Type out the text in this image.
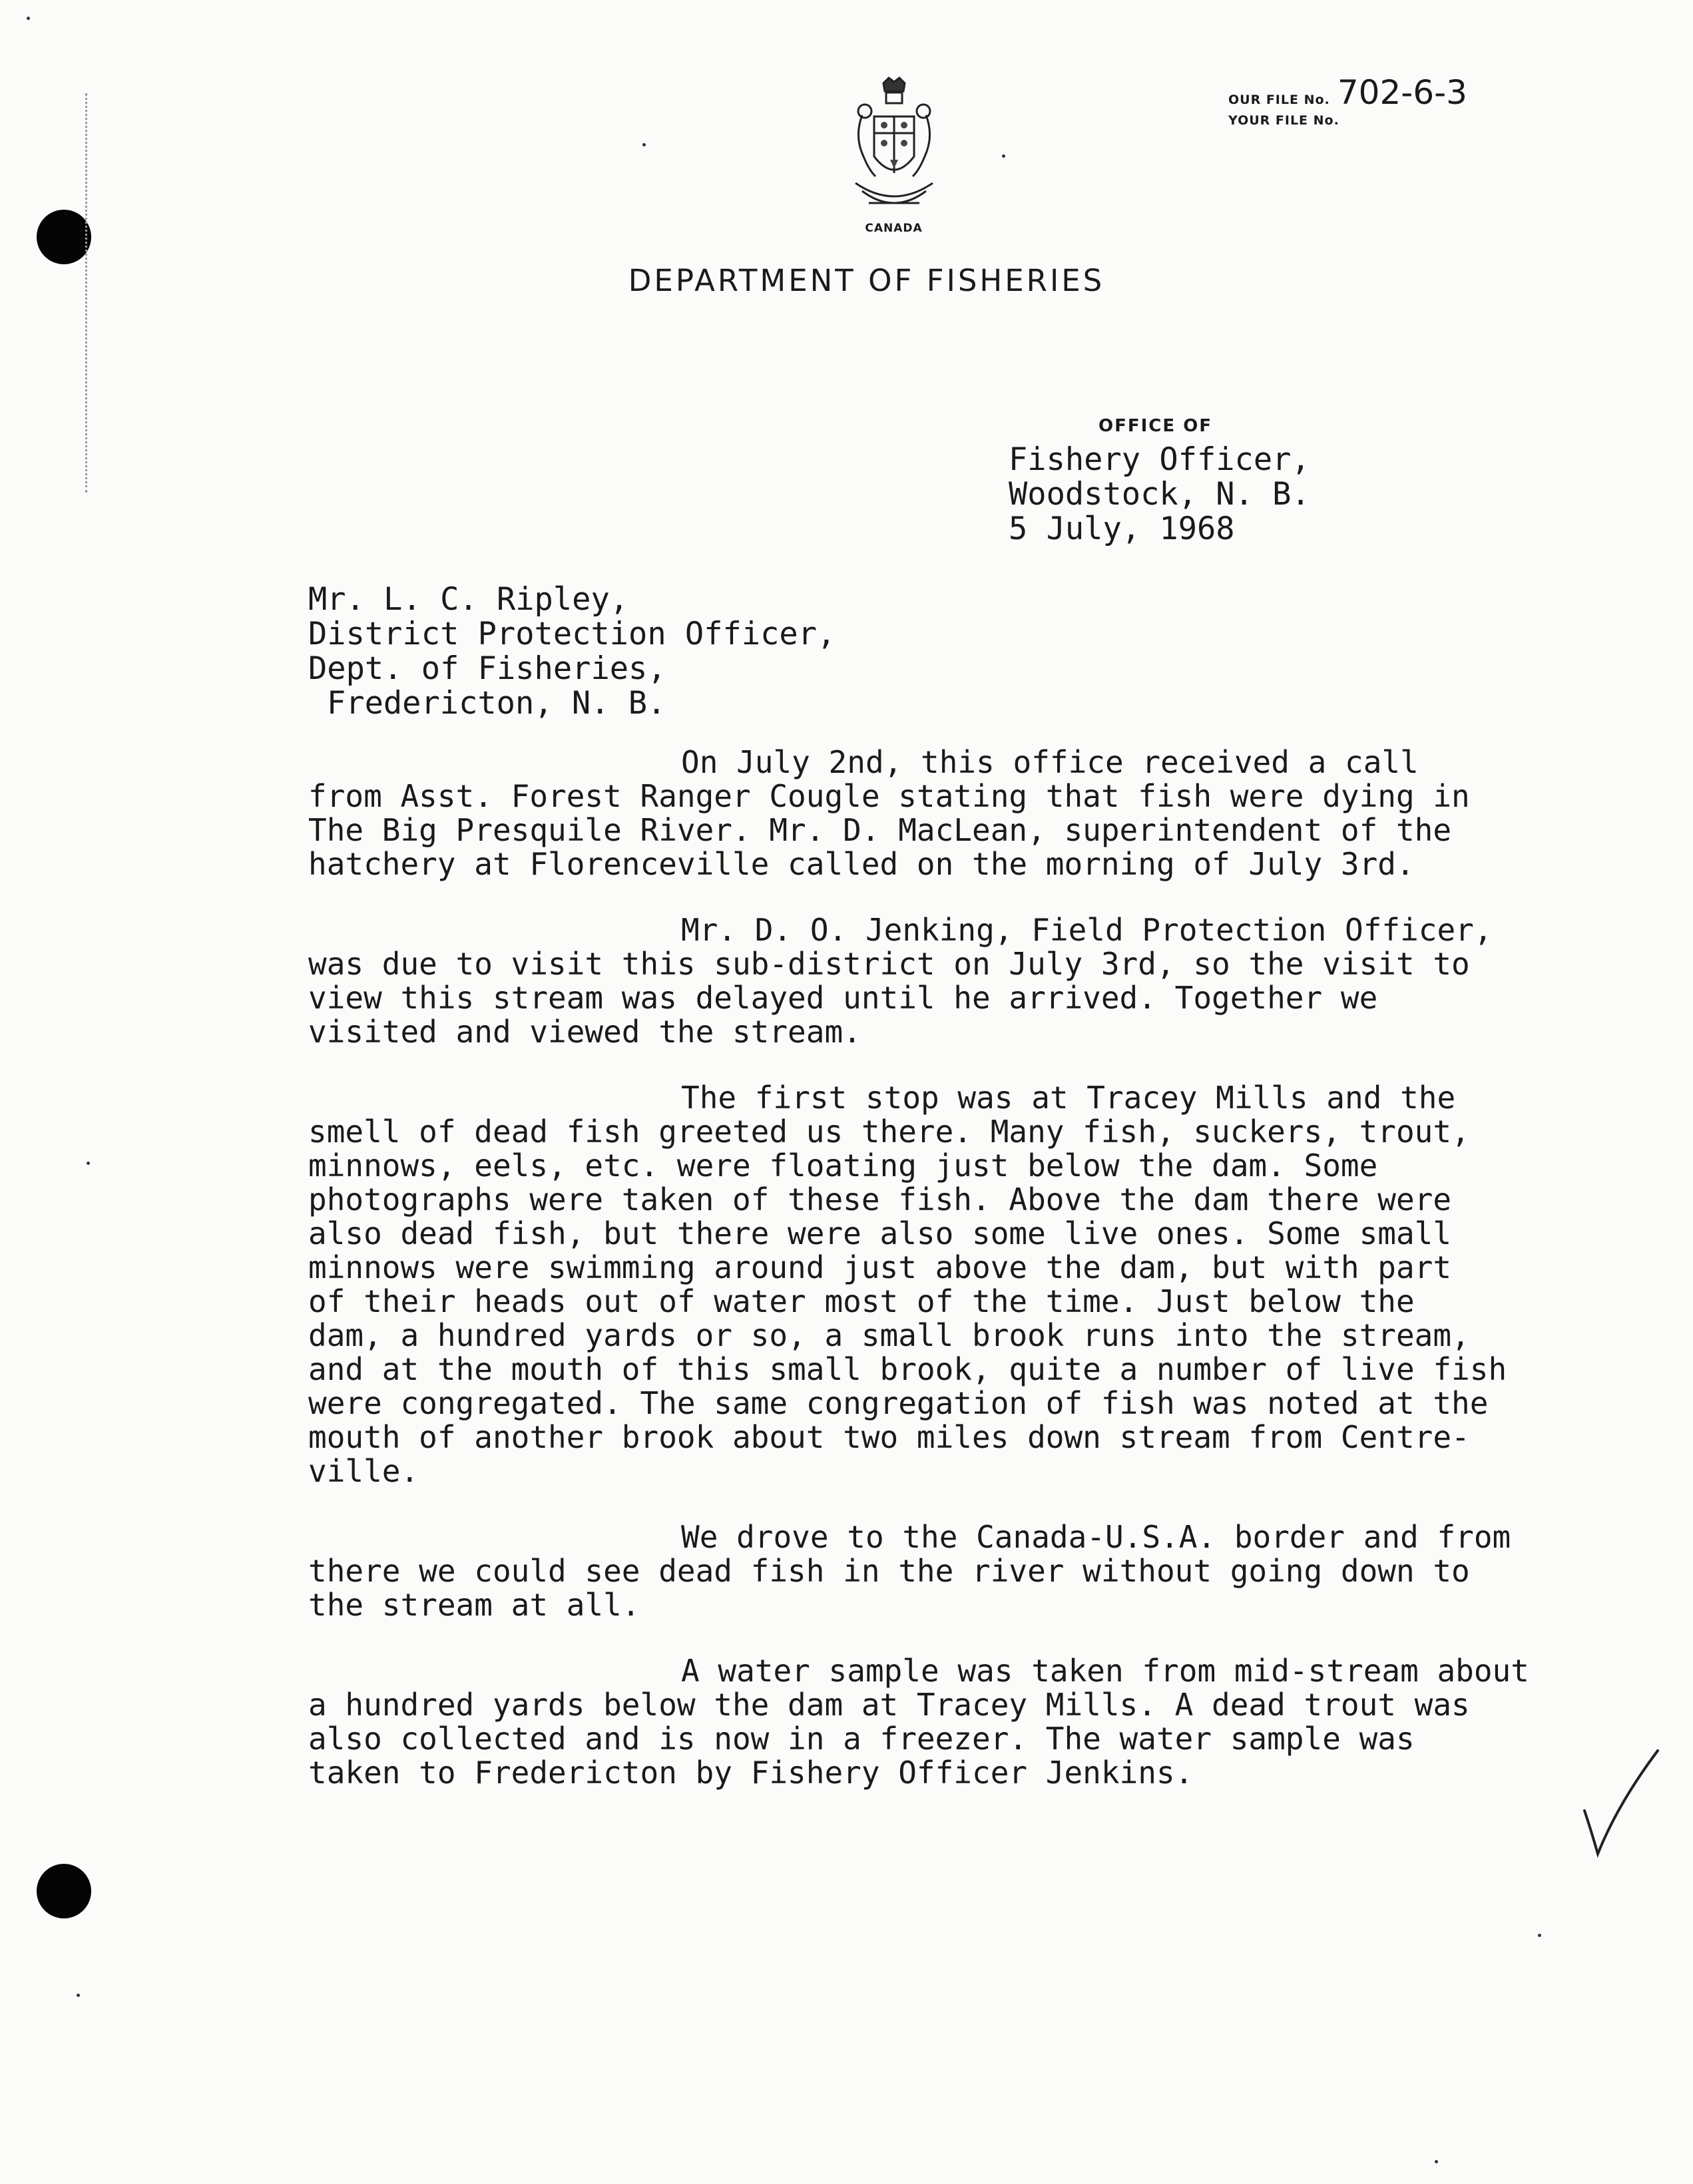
CANADA
OUR FILE No. 702-6-3
YOUR FILE No.
DEPARTMENT OF FISHERIES
OFFICE OF
Fishery Officer,
Woodstock, N. B.
5 July, 1968
Mr. L. C. Ripley,
District Protection Officer,
Dept. of Fisheries,
Fredericton, N. B.

On July 2nd, this office received a call
from Asst. Forest Ranger Cougle stating that fish were dying in
The Big Presquile River. Mr. D. MacLean, superintendent of the
hatchery at Florenceville called on the morning of July 3rd.

Mr. D. O. Jenking, Field Protection Officer,
was due to visit this sub-district on July 3rd, so the visit to
view this stream was delayed until he arrived. Together we
visited and viewed the stream.

The first stop was at Tracey Mills and the
smell of dead fish greeted us there. Many fish, suckers, trout,
minnows, eels, etc. were floating just below the dam. Some
photographs were taken of these fish. Above the dam there were
also dead fish, but there were also some live ones. Some small
minnows were swimming around just above the dam, but with part
of their heads out of water most of the time. Just below the
dam, a hundred yards or so, a small brook runs into the stream,
and at the mouth of this small brook, quite a number of live fish
were congregated. The same congregation of fish was noted at the
mouth of another brook about two miles down stream from Centre-
ville.

We drove to the Canada-U.S.A. border and from
there we could see dead fish in the river without going down to
the stream at all.

A water sample was taken from mid-stream about
a hundred yards below the dam at Tracey Mills. A dead trout was
also collected and is now in a freezer. The water sample was
taken to Fredericton by Fishery Officer Jenkins.
